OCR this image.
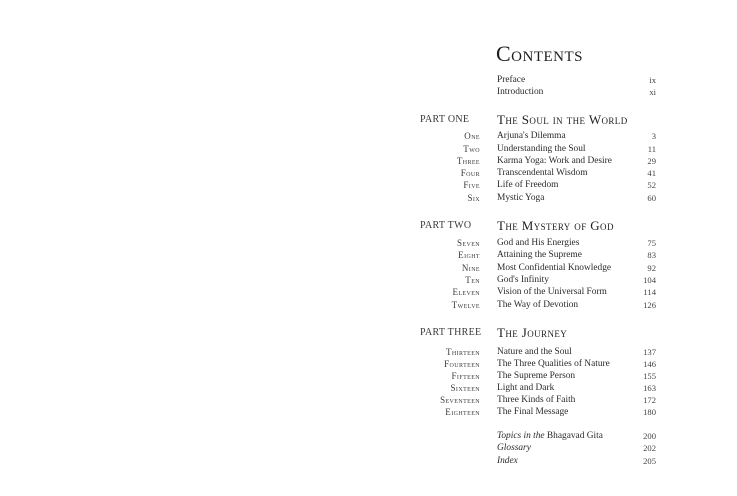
Contents
Preface	ix
Introduction	xi
PART ONE The Soul in the World
One Arjuna's Dilemma	3
Two Understanding the Soul	11
Three Karma Yoga: Work and Desire	29
Four Transcendental Wisdom	41
Five Life of Freedom	52
Six Mystic Yoga	60
PART TWO The Mystery of God
Seven God and His Energies	75
Eight Attaining the Supreme	83
Nine Most Confidential Knowledge	92
Ten God's Infinity	104
Eleven Vision of the Universal Form	114
Twelve The Way of Devotion	126
PART THREE The Journey
Thirteen Nature and the Soul	137
Fourteen The Three Qualities of Nature	146
Fifteen The Supreme Person	155
Sixteen Light and Dark	163
Seventeen Three Kinds of Faith	172
Eighteen The Final Message	180
Topics in the Bhagavad Gita	200
Glossary	202
Index	205
